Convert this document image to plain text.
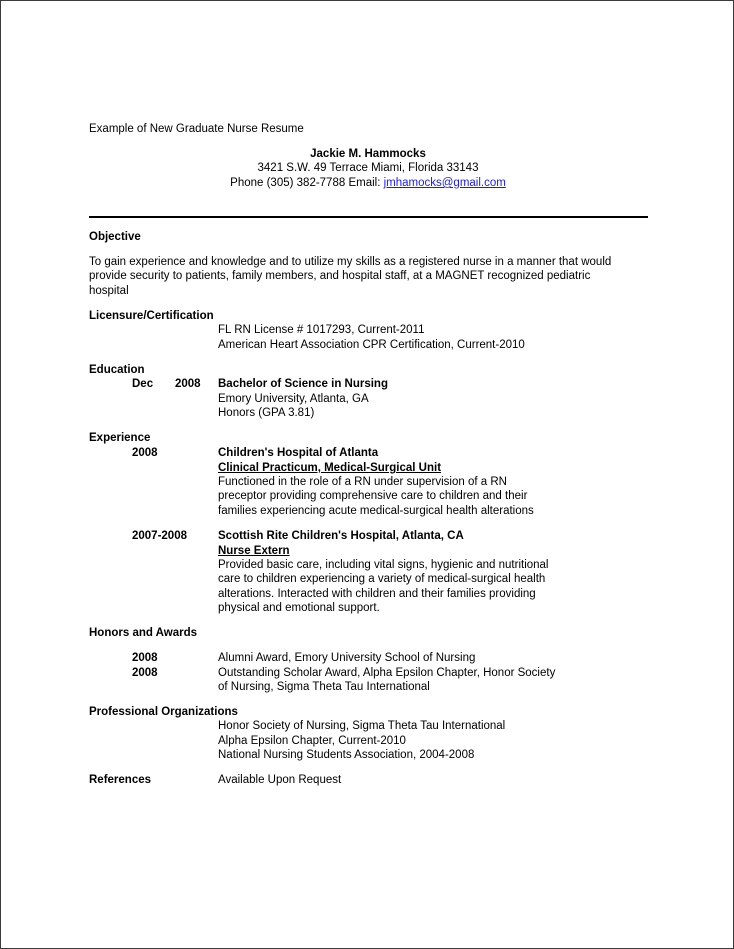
Example of New Graduate Nurse Resume
Jackie M. Hammocks
3421 S.W. 49 Terrace Miami, Florida 33143
Phone (305) 382-7788 Email: jmhamocks@gmail.com
Objective
To gain experience and knowledge and to utilize my skills as a registered nurse in a manner that would
provide security to patients, family members, and hospital staff, at a MAGNET recognized pediatric
hospital
Licensure/Certification
FL RN License # 1017293, Current-2011
American Heart Association CPR Certification, Current-2010
Education
Dec 2008 Bachelor of Science in Nursing
Emory University, Atlanta, GA
Honors (GPA 3.81)
Experience
2008	Children's Hospital of Atlanta
Clinical Practicum, Medical-Surgical Unit
Functioned in the role of a RN under supervision of a RN
preceptor providing comprehensive care to children and their
families experiencing acute medical-surgical health alterations
2007-2008	Scottish Rite Children's Hospital, Atlanta, CA
Nurse Extern
Provided basic care, including vital signs, hygienic and nutritional
care to children experiencing a variety of medical-surgical health
alterations. Interacted with children and their families providing
physical and emotional support.
Honors and Awards
2008	Alumni Award, Emory University School of Nursing
2008	Outstanding Scholar Award, Alpha Epsilon Chapter, Honor Society
of Nursing, Sigma Theta Tau International
Professional Organizations
Honor Society of Nursing, Sigma Theta Tau International
Alpha Epsilon Chapter, Current-2010
National Nursing Students Association, 2004-2008
References	Available Upon Request
